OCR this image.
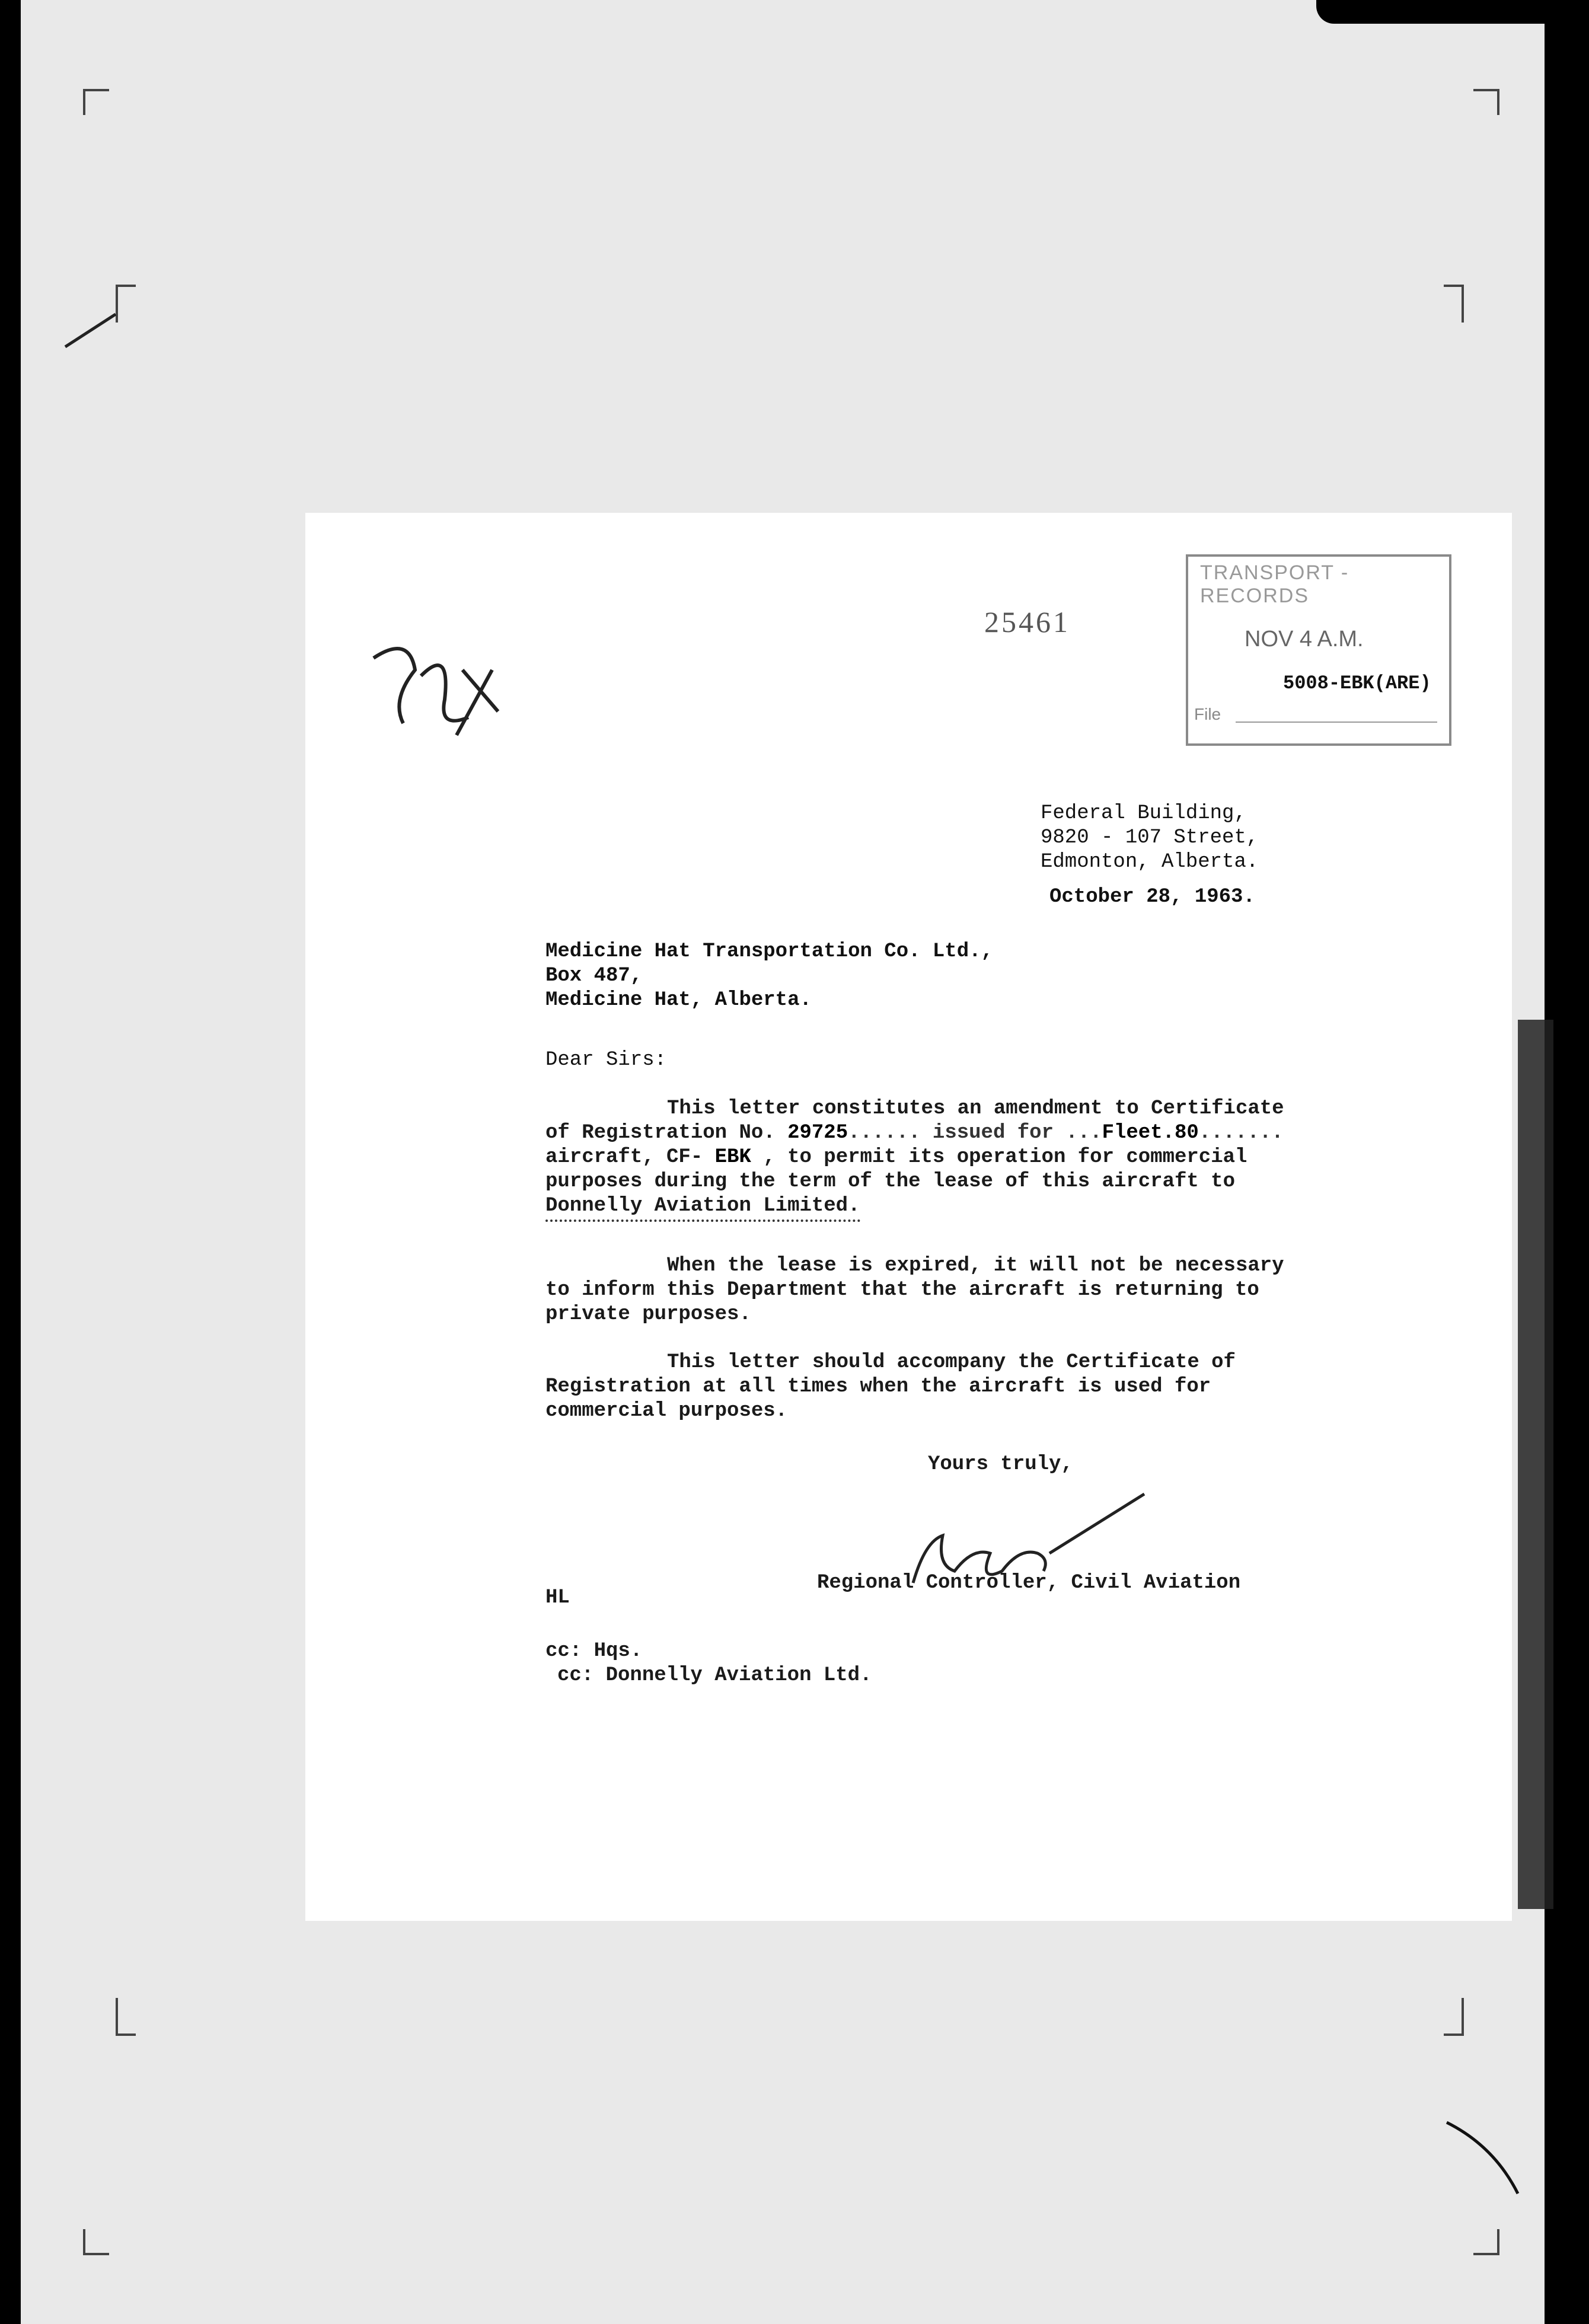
TRANSPORT - RECORDS
NOV 4 A.M.
5008-EBK(ARE)
File
25461
Federal Building,
9820 - 107 Street,
Edmonton, Alberta.
October 28, 1963.
Medicine Hat Transportation Co. Ltd.,
Box 487,
Medicine Hat, Alberta.
Dear Sirs:
This letter constitutes an amendment to Certificate
of Registration No. 29725...... issued for ...Fleet.80.......
aircraft, CF- EBK , to permit its operation for commercial
purposes during the term of the lease of this aircraft to
Donnelly Aviation Limited.
When the lease is expired, it will not be necessary
to inform this Department that the aircraft is returning to
private purposes.
This letter should accompany the Certificate of
Registration at all times when the aircraft is used for
commercial purposes.
Yours truly,
Regional Controller, Civil Aviation
HL
cc: Hqs.
cc: Donnelly Aviation Ltd.
